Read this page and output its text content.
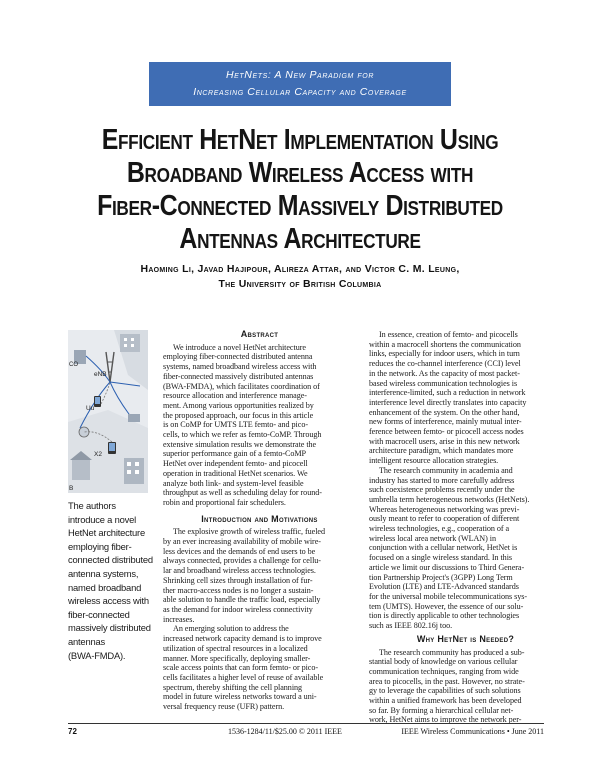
HetNets: A New Paradigm for
Increasing Cellular Capacity and Coverage
Efficient HetNet Implementation Using
Broadband Wireless Access with
Fiber-Connected Massively Distributed
Antennas Architecture
Haoming Li, Javad Hajipour, Alireza Attar, and Victor C. M. Leung,
The University of British Columbia
CO
eNB
Uu
X2
B
The authors
introduce a novel
HetNet architecture
employing fiber-
connected distributed
antenna systems,
named broadband
wireless access with
fiber-connected
massively distributed
antennas
(BWA-FMDA).
Abstract
We introduce a novel HetNet architecture
employing fiber-connected distributed antenna
systems, named broadband wireless access with
fiber-connected massively distributed antennas
(BWA-FMDA), which facilitates coordination of
resource allocation and interference manage-
ment. Among various opportunities realized by
the proposed approach, our focus in this article
is on CoMP for UMTS LTE femto- and pico-
cells, to which we refer as femto-CoMP. Through
extensive simulation results we demonstrate the
superior performance gain of a femto-CoMP
HetNet over independent femto- and picocell
operation in traditional HetNet scenarios. We
analyze both link- and system-level feasible
throughput as well as scheduling delay for round-
robin and proportional fair schedulers.
Introduction and Motivations
The explosive growth of wireless traffic, fueled
by an ever increasing availability of mobile wire-
less devices and the demands of end users to be
always connected, provides a challenge for cellu-
lar and broadband wireless access technologies.
Shrinking cell sizes through installation of fur-
ther macro-access nodes is no longer a sustain-
able solution to handle the traffic load, especially
as the demand for indoor wireless connectivity
increases.
An emerging solution to address the
increased network capacity demand is to improve
utilization of spectral resources in a localized
manner. More specifically, deploying smaller-
scale access points that can form femto- or pico-
cells facilitates a higher level of reuse of available
spectrum, thereby shifting the cell planning
model in future wireless networks toward a uni-
versal frequency reuse (UFR) pattern.
In essence, creation of femto- and picocells
within a macrocell shortens the communication
links, especially for indoor users, which in turn
reduces the co-channel interference (CCI) level
in the network. As the capacity of most packet-
based wireless communication technologies is
interference-limited, such a reduction in network
interference level directly translates into capacity
enhancement of the system. On the other hand,
new forms of interference, mainly mutual inter-
ference between femto- or picocell access nodes
with macrocell users, arise in this new network
architecture paradigm, which mandates more
intelligent resource allocation strategies.
The research community in academia and
industry has started to more carefully address
such coexistence problems recently under the
umbrella term heterogeneous networks (HetNets).
Whereas heterogeneous networking was previ-
ously meant to refer to cooperation of different
wireless technologies, e.g., cooperation of a
wireless local area network (WLAN) in
conjunction with a cellular network, HetNet is
focused on a single wireless standard. In this
article we limit our discussions to Third Genera-
tion Partnership Project's (3GPP) Long Term
Evolution (LTE) and LTE-Advanced standards
for the universal mobile telecommunications sys-
tem (UMTS). However, the essence of our solu-
tion is directly applicable to other technologies
such as IEEE 802.16j too.
Why HetNet is Needed?
The research community has produced a sub-
stantial body of knowledge on various cellular
communication techniques, ranging from wide
area to picocells, in the past. However, no strate-
gy to leverage the capabilities of such solutions
within a unified framework has been developed
so far. By forming a hierarchical cellular net-
work, HetNet aims to improve the network per-
72	1536-1284/11/$25.00 © 2011 IEEE	IEEE Wireless Communications • June 2011
